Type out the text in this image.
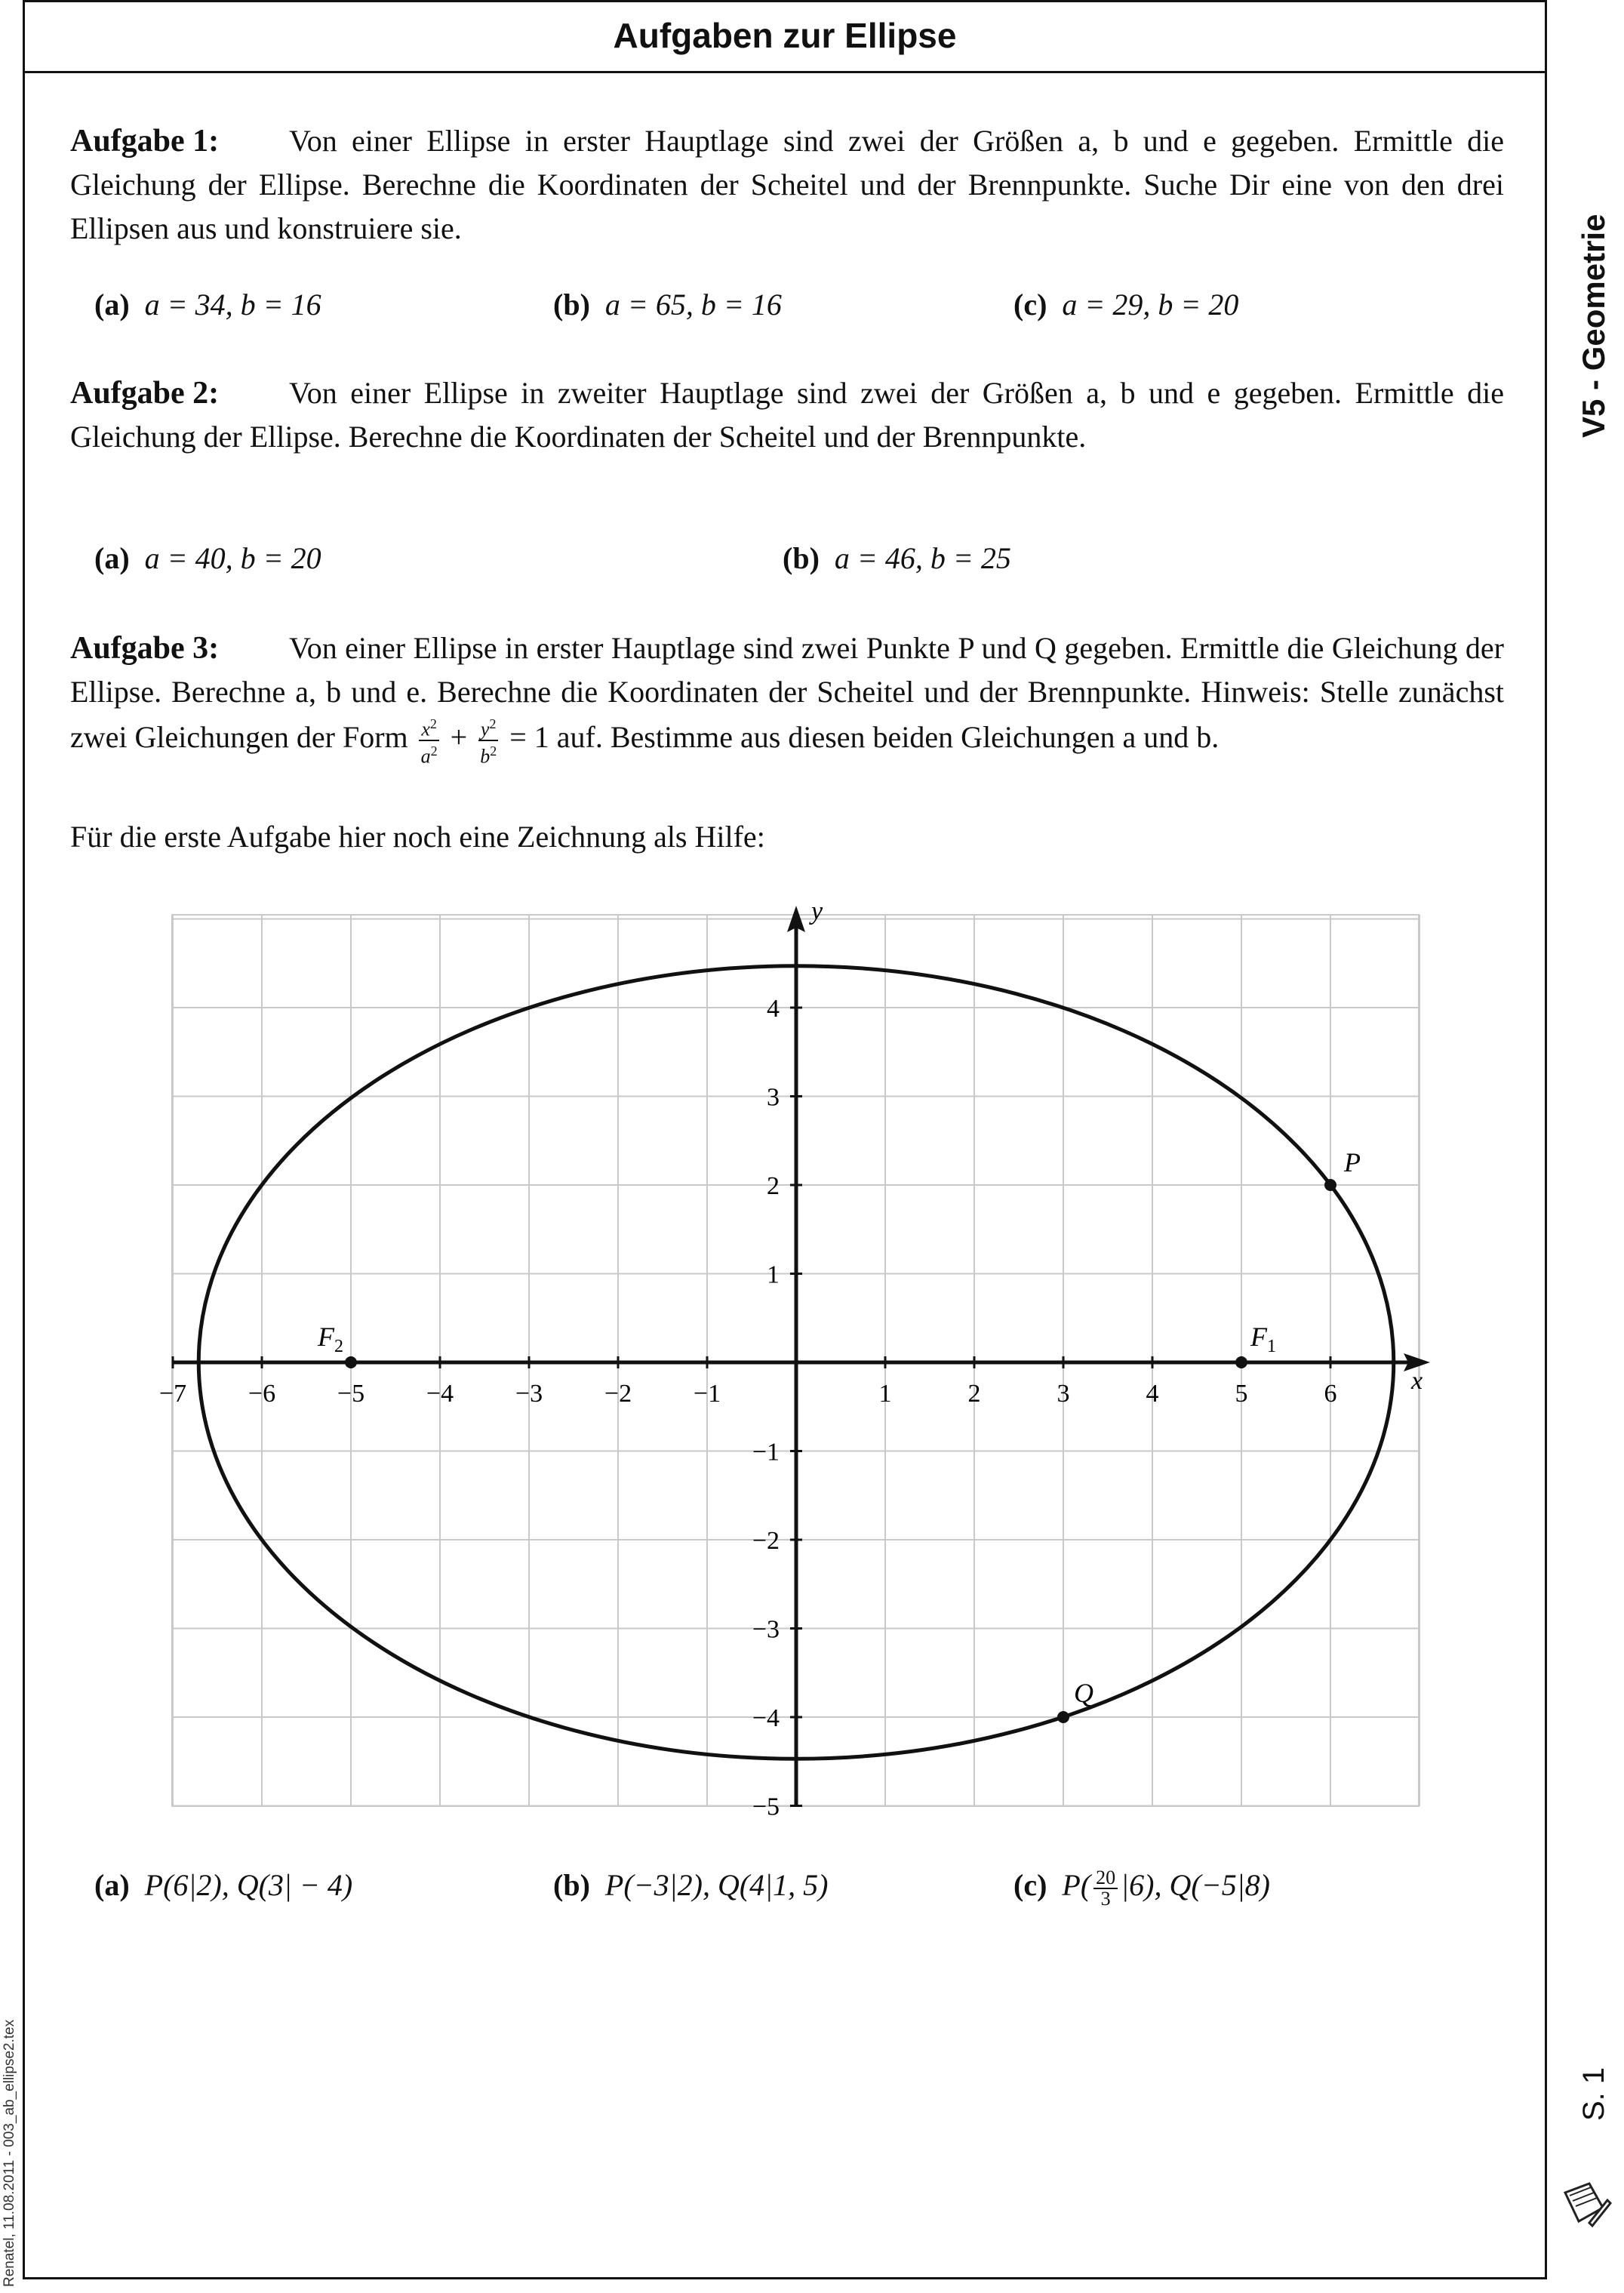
Aufgaben zur Ellipse
V5 - Geometrie
S. 1
Renatel, 11.08.2011 - 003_ab_ellipse2.tex
Aufgabe 1: Von einer Ellipse in erster Hauptlage sind zwei der Größen a, b und e gegeben. Ermittle die Gleichung der Ellipse. Berechne die Koordinaten der Scheitel und der Brennpunkte. Suche Dir eine von den drei Ellipsen aus und konstruiere sie.
(a) a = 34, b = 16	(b) a = 65, b = 16	(c) a = 29, b = 20
Aufgabe 2: Von einer Ellipse in zweiter Hauptlage sind zwei der Größen a, b und e gegeben. Ermittle die Gleichung der Ellipse. Berechne die Koordinaten der Scheitel und der Brennpunkte.
(a) a = 40, b = 20	(b) a = 46, b = 25
Aufgabe 3: Von einer Ellipse in erster Hauptlage sind zwei Punkte P und Q gegeben. Ermittle die Gleichung der Ellipse. Berechne a, b und e. Berechne die Koordinaten der Scheitel und der Brennpunkte. Hinweis: Stelle zunächst zwei Gleichungen der Form $\frac{x^2}{a^2} + \frac{y^2}{b^2} = 1$ auf. Bestimme aus diesen beiden Gleichungen a und b.
Für die erste Aufgabe hier noch eine Zeichnung als Hilfe:
x
y
−7 −6 −5 −4 −3 −2 −1	1	2	3	4	5	6
4
3
2
1
−1
−2
−3
−4
−5
P
Q
$F_1$
$F_2$
(a) P(6|2), Q(3| − 4)	(b) P(−3|2), Q(4|1, 5)	(c) $P( \frac{20}{3} |6)$, Q(−5|8)
